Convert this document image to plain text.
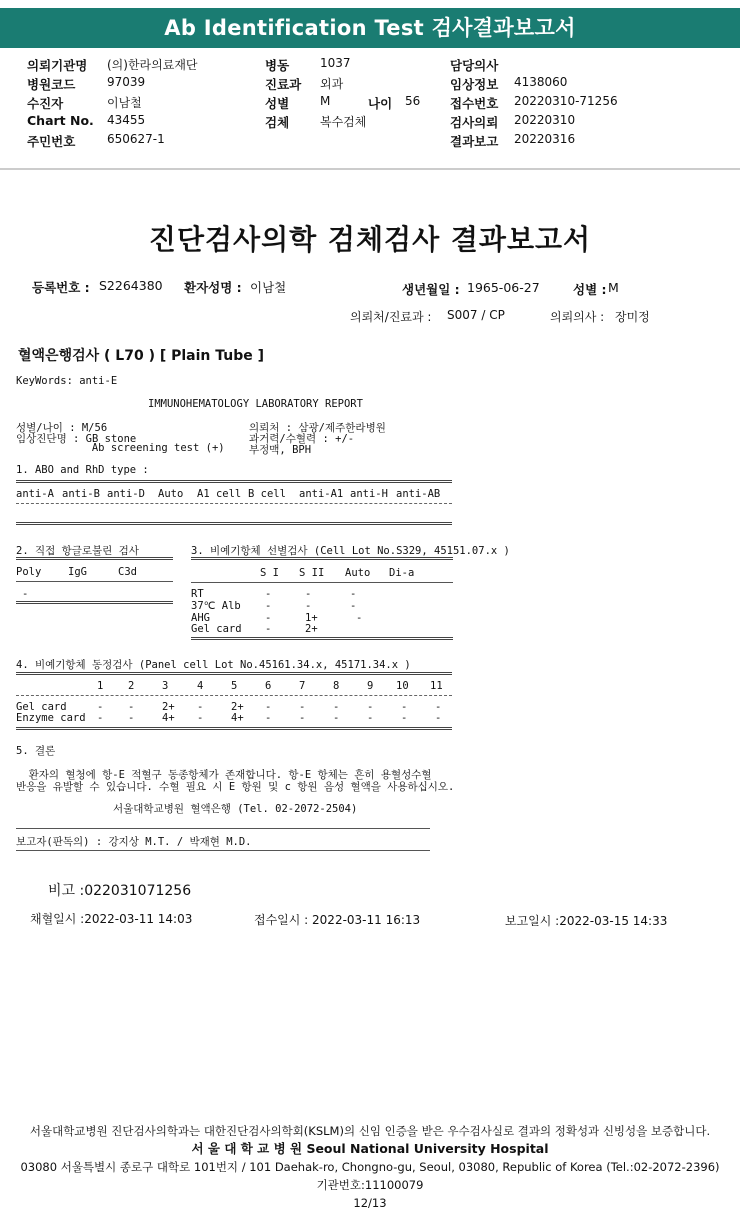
Ab Identification Test 검사결과보고서
의뢰기관명 (의)한라의료재단
병원코드	97039
수진자	이남철
Chart No. 43455
주민번호	650627-1
병동	1037
진료과 외과
성별	M	나이 56
검체	복수검체
담당의사
임상정보 4138060
접수번호 20220310-71256
검사의뢰 20220310
결과보고 20220316
진단검사의학 검체검사 결과보고서
등록번호 : S2264380 환자성명 : 이남철	생년월일 : 1965-06-27	성별 : M
의뢰처/진료과 : S007 / CP	의뢰의사 : 장미정
혈액은행검사 ( L70 ) [ Plain Tube ]
KeyWords: anti-E
IMMUNOHEMATOLOGY LABORATORY REPORT
성별/나이 : M/56
임상진단명 : GB stone
Ab screening test (+)
의뢰처 : 삼광/제주한라병원
과거력/수혈력 : +/-
부정맥, BPH
1. ABO and RhD type :
anti-A anti-B anti-D Auto A1 cell B cell anti-A1 anti-H anti-AB
2. 직접 항글로불린 검사
Poly	IgG	C3d
-
3. 비예기항체 선별검사 (Cell Lot No.S329, 45151.07.x )
S I S II Auto Di-a
RT	-	-	-
37℃ Alb -	-	-
AHG	-	1+	-
Gel card -	2+
4. 비예기항체 동정검사 (Panel cell Lot No.45161.34.x, 45171.34.x )
1 2	3	4	5	6	7	8	9 10 11
Gel card	- -	2+ -	2+ -	-	-	-	-	-
Enzyme card - -	4+ -	4+ -	-	-	-	-	-
5. 결론
환자의 혈청에 항-E 적혈구 동종항체가 존재합니다. 항-E 항체는 흔히 용혈성수혈
반응을 유발할 수 있습니다. 수혈 필요 시 E 항원 및 c 항원 음성 혈액을 사용하십시오.
서울대학교병원 혈액은행 (Tel. 02-2072-2504)
보고자(판독의) : 강지상 M.T. / 박재현 M.D.
비고 :022031071256
채혈일시 :2022-03-11 14:03	접수일시 : 2022-03-11 16:13	보고일시 :2022-03-15 14:33
서울대학교병원 진단검사의학과는 대한진단검사의학회(KSLM)의 신임 인증을 받은 우수검사실로 결과의 정확성과 신빙성을 보증합니다.
서 울 대 학 교 병 원 Seoul National University Hospital
03080 서울특별시 종로구 대학로 101번지 / 101 Daehak-ro, Chongno-gu, Seoul, 03080, Republic of Korea (Tel.:02-2072-2396)
기관번호:11100079
12/13
